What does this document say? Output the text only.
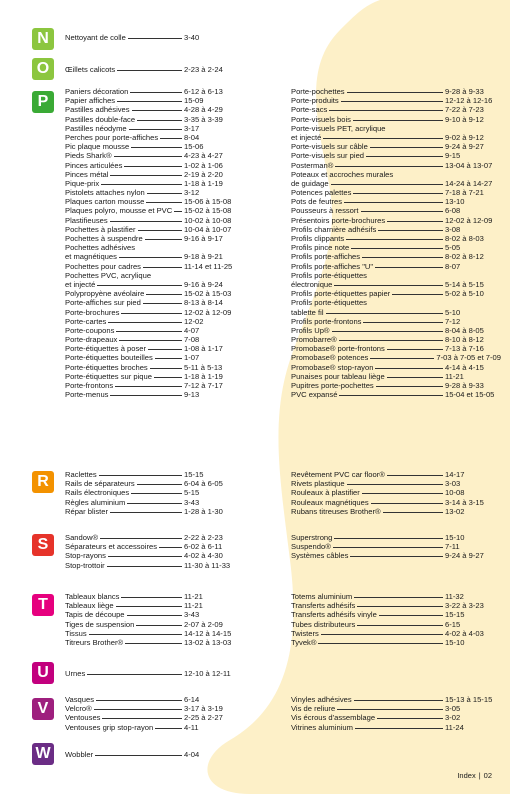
N	Nettoyant de colle	3-40
O	Œillets calicots	2-23 à 2-24
P
Paniers décoration	6-12 à 6-13
Papier affiches	15-09
Pastilles adhésives	4-28 à 4-29
Pastilles double-face	3-35 à 3-39
Pastilles néodyme	3-17
Perches pour porte-affiches	8-04
Pic plaque mousse	15-06
Pieds Shark®	4-23 à 4-27
Pinces articulées	1-02 à 1-06
Pinces métal	2-19 à 2-20
Pique-prix	1-18 à 1-19
Pistolets attaches nylon	3-12
Plaques carton mousse	15-06 à 15-08
Plaques polyro, mousse et PVC 15-02 à 15-08
Plastifieuses	10-02 à 10-08
Pochettes à plastifier	10-04 à 10-07
Pochettes à suspendre	9-16 à 9-17
Pochettes adhésives
et magnétiques	9-18 à 9-21
Pochettes pour cadres	11-14 et 11-25
Pochettes PVC, acrylique
et injecté	9-16 à 9-24
Polypropyène avéolaire	15-02 à 15-03
Porte-affiches sur pied	8-13 à 8-14
Porte-brochures	12-02 à 12-09
Porte-cartes	12-02
Porte-coupons	4-07
Porte-drapeaux	7-08
Porte-étiquettes à poser	1-08 à 1-17
Porte-étiquettes bouteilles	1-07
Porte-étiquettes broches	5-11 à 5-13
Porte-étiquettes sur pique	1-18 à 1-19
Porte-frontons	7-12 à 7-17
Porte-menus	9-13
Porte-pochettes	9-28 à 9-33
Porte-produits	12-12 à 12-16
Porte-sacs	7-22 à 7-23
Porte-visuels bois	9-10 à 9-12
Porte-visuels PET, acrylique
et injecté	9-02 à 9-12
Porte-visuels sur câble	9-24 à 9-27
Porte-visuels sur pied	9-15
Posterman®	13-04 à 13-07
Poteaux et accroches murales
de guidage	14-24 à 14-27
Potences palettes	7-18 à 7-21
Pots de feutres	13-10
Pousseurs à ressort	6-08
Présentoirs porte-brochures	12-02 à 12-09
Profils charnière adhésifs	3-08
Profils clippants	8-02 à 8-03
Profils pince note	5-05
Profils porte-affiches	8-02 à 8-12
Profils porte-affiches "U"	8-07
Profils porte-étiquettes
électronique	5-14 à 5-15
Profils porte-étiquettes papier	5-02 à 5-10
Profils porte-étiquettes
tablette fil	5-10
Profils porte-frontons	7-12
Profils Up®	8-04 à 8-05
Promobarre®	8-10 à 8-12
Promobase® porte-frontons	7-13 à 7-16
Promobase® potences	7-03 à 7-05 et 7-09
Promobase® stop-rayon	4-14 à 4-15
Punaises pour tableau liège	11-21
Pupitres porte-pochettes	9-28 à 9-33
PVC expansé	15-04 et 15-05
R	Raclettes	15-15
Rails de séparateurs	6-04 à 6-05
Rails électroniques	5-15
Règles aluminium	3-43
Répar blister	1-28 à 1-30
Revêtement PVC car floor®	14-17
Rivets plastique	3-03
Rouleaux à plastifier	10-08
Rouleaux magnétiques	3-14 à 3-15
Rubans titreuses Brother®	13-02
S	Sandow®	2-22 à 2-23
Séparateurs et accessoires	6-02 à 6-11
Stop-rayons	4-02 à 4-30
Stop-trottoir	11-30 à 11-33
Superstrong	15-10
Suspendo®	7-11
Systèmes câbles	9-24 à 9-27
T	Tableaux blancs	11-21
Tableaux liège	11-21
Tapis de découpe	3-43
Tiges de suspension	2-07 à 2-09
Tissus	14-12 à 14-15
Titreurs Brother®	13-02 à 13-03
Totems aluminium	11-32
Transferts adhésifs	3-22 à 3-23
Transferts adhésifs vinyle	15-15
Tubes distributeurs	6-15
Twisters	4-02 à 4-03
Tyvek®	15-10
U	Urnes	12-10 à 12-11
V
Vasques	6-14
Velcro®	3-17 à 3-19
Ventouses	2-25 à 2-27
Ventouses grip stop-rayon	4-11
Vinyles adhésives	15-13 à 15-15
Vis de reliure	3-05
Vis écrous d'assemblage	3-02
Vitrines aluminium	11-24
W	Wobbler	4-04
Index | 02
